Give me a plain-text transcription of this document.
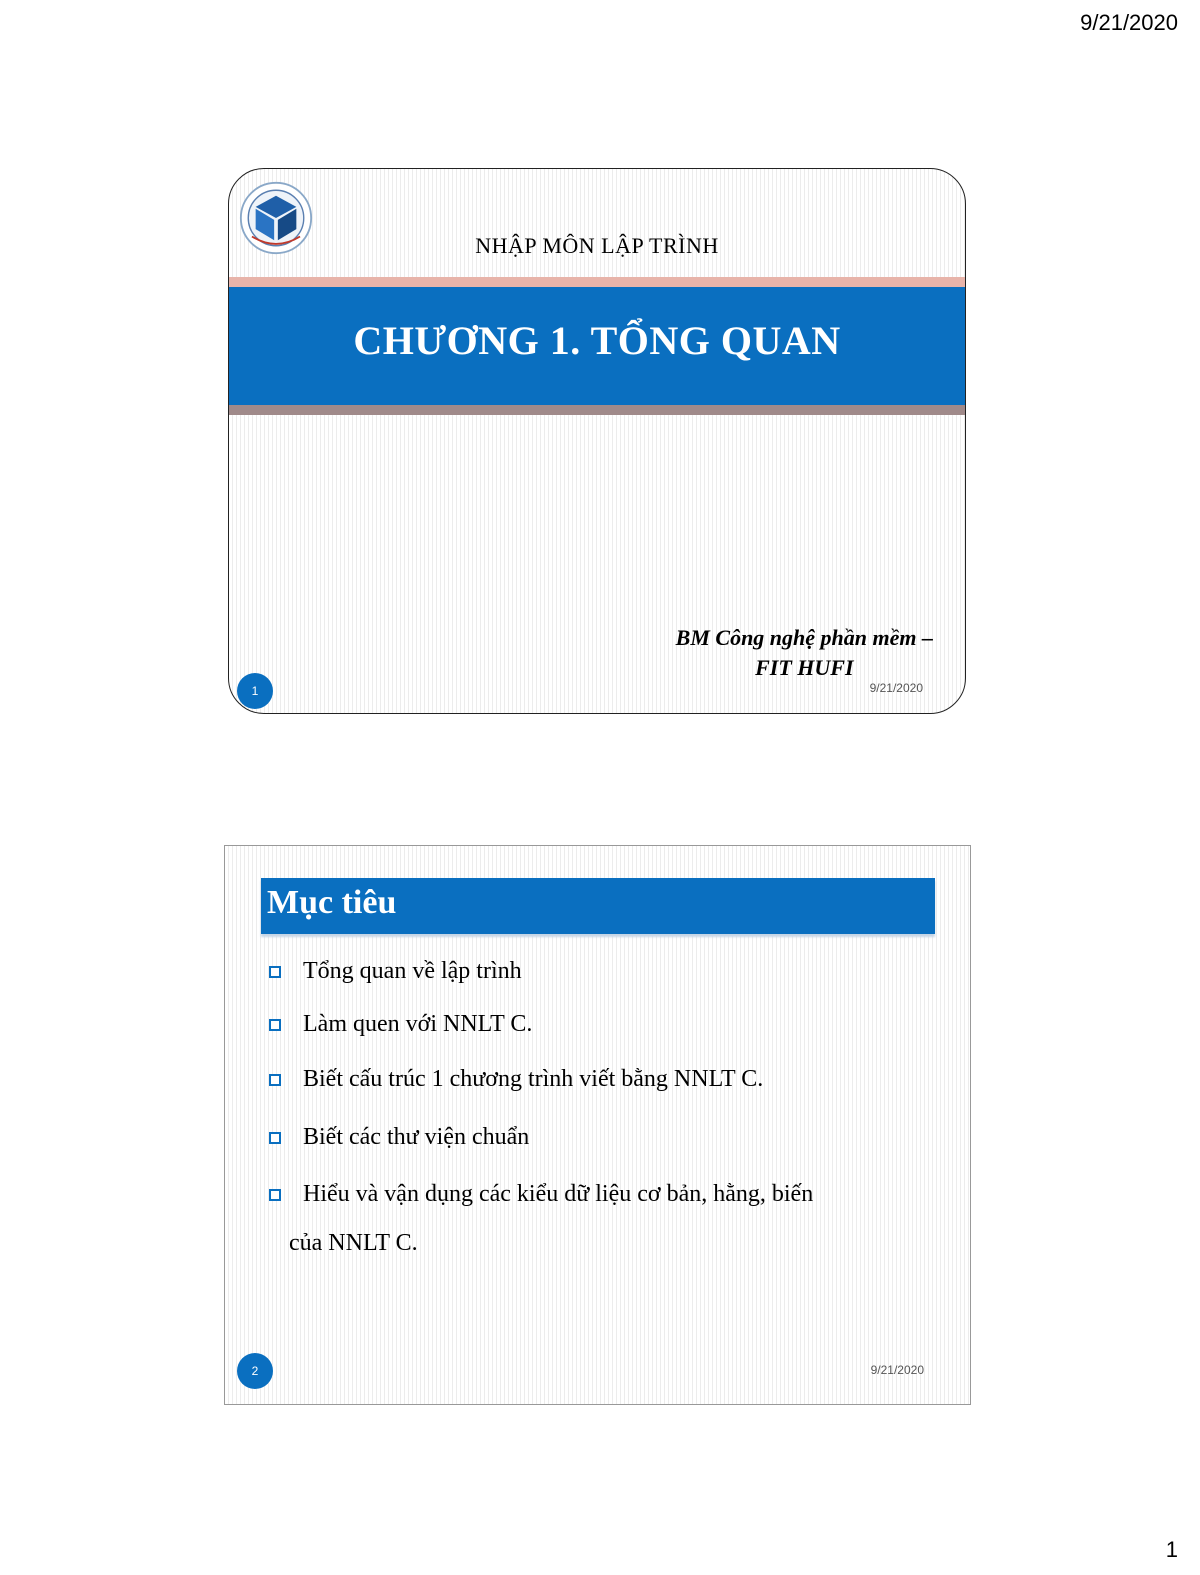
9/21/2020
NHẬP MÔN LẬP TRÌNH
CHƯƠNG 1. TỔNG QUAN
BM Công nghệ phần mềm –
FIT HUFI
1	9/21/2020
Mục tiêu
Tổng quan về lập trình
Làm quen với NNLT C.
Biết cấu trúc 1 chương trình viết bằng NNLT C.
Biết các thư viện chuẩn
Hiểu và vận dụng các kiểu dữ liệu cơ bản, hằng, biến
của NNLT C.
2	9/21/2020
1
